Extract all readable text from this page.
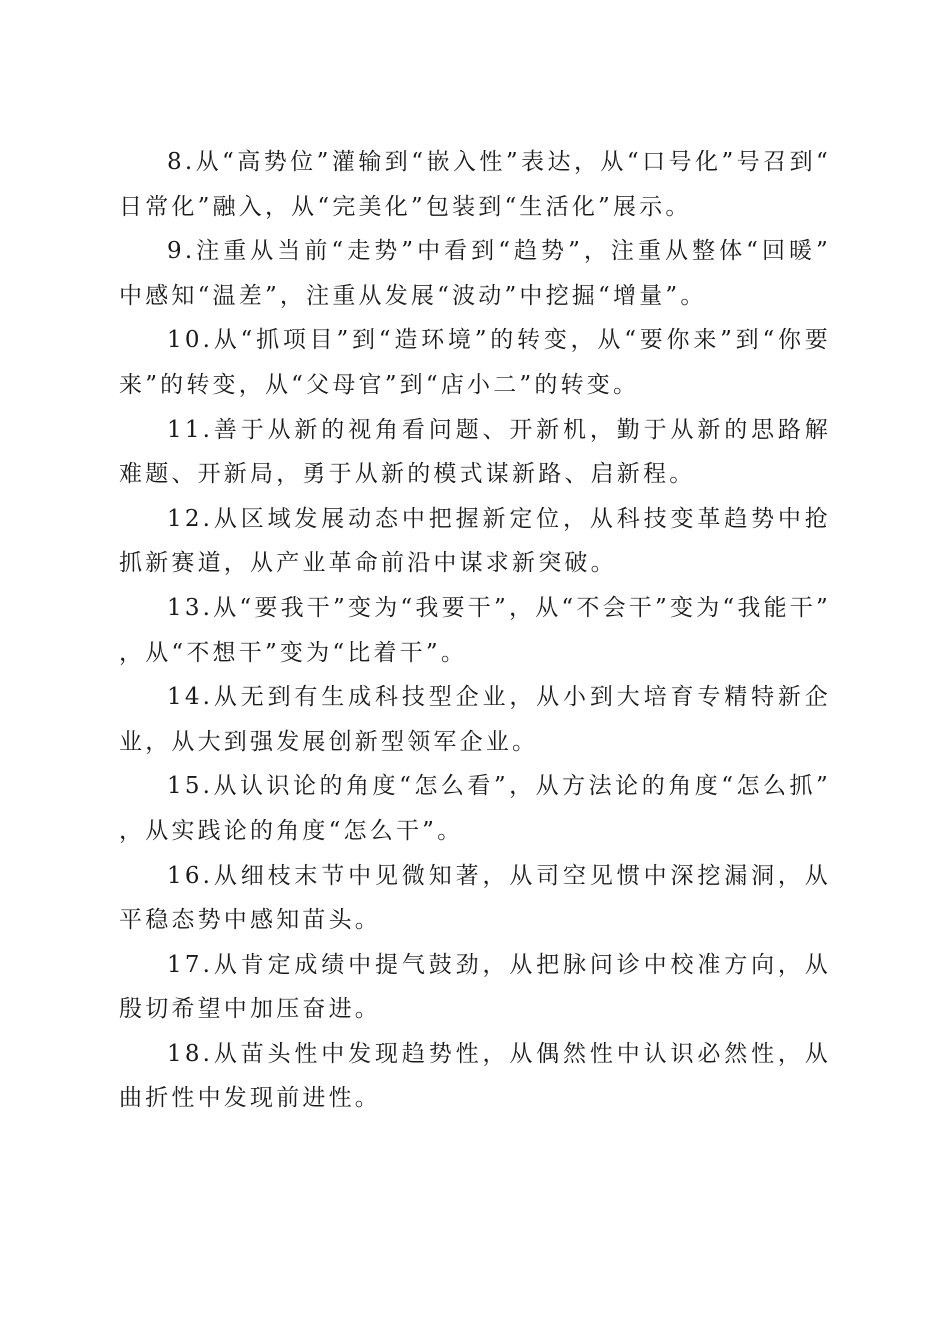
8.从“高势位”灌输到“嵌入性”表达，从“口号化”号召到“日常化”融入，从“完美化”包装到“生活化”展示。

9.注重从当前“走势”中看到“趋势”，注重从整体“回暖”中感知“温差”，注重从发展“波动”中挖掘“增量”。

10.从“抓项目”到“造环境”的转变，从“要你来”到“你要来”的转变，从“父母官”到“店小二”的转变。

11.善于从新的视角看问题、开新机，勤于从新的思路解难题、开新局，勇于从新的模式谋新路、启新程。

12.从区域发展动态中把握新定位，从科技变革趋势中抢抓新赛道，从产业革命前沿中谋求新突破。

13.从“要我干”变为“我要干”，从“不会干”变为“我能干”，从“不想干”变为“比着干”。

14.从无到有生成科技型企业，从小到大培育专精特新企业，从大到强发展创新型领军企业。

15.从认识论的角度“怎么看”，从方法论的角度“怎么抓”，从实践论的角度“怎么干”。

16.从细枝末节中见微知著，从司空见惯中深挖漏洞，从平稳态势中感知苗头。

17.从肯定成绩中提气鼓劲，从把脉问诊中校准方向，从殷切希望中加压奋进。

18.从苗头性中发现趋势性，从偶然性中认识必然性，从曲折性中发现前进性。
